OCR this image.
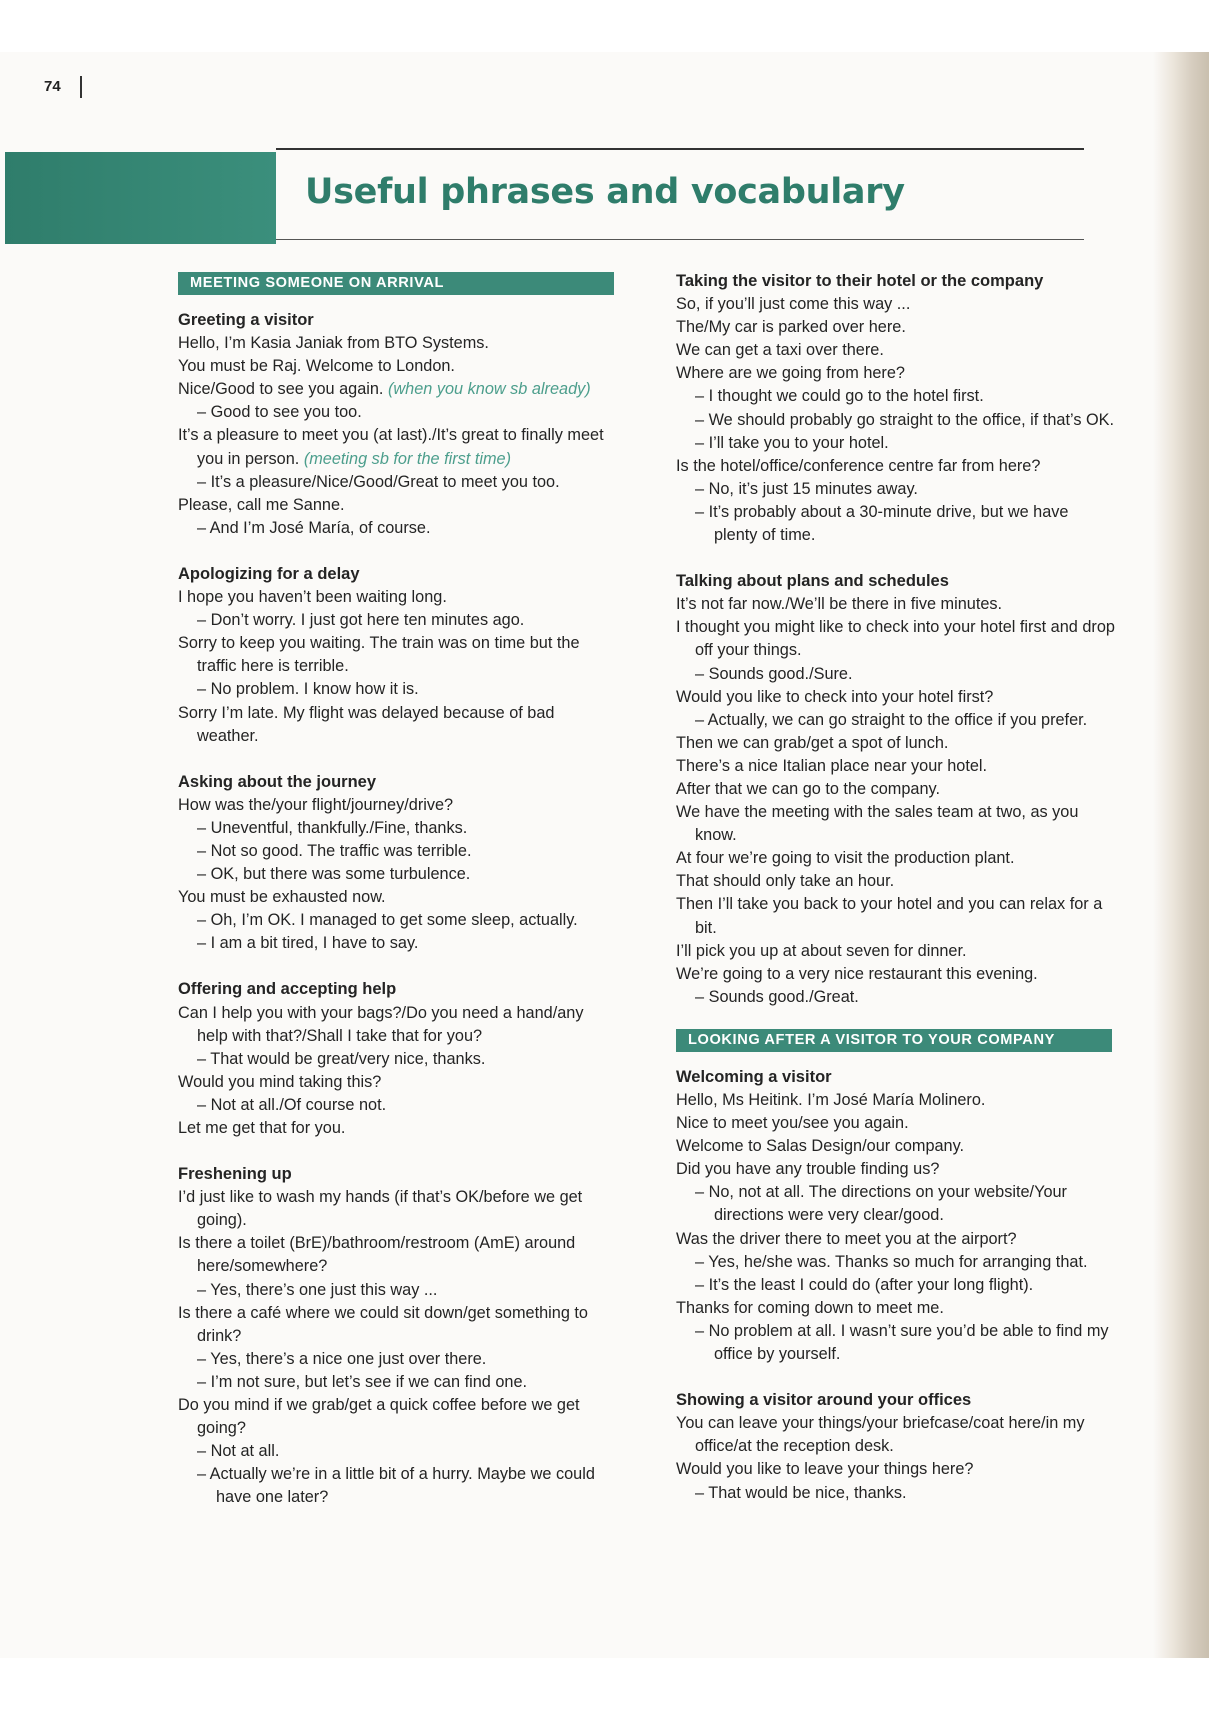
74
Useful phrases and vocabulary
MEETING SOMEONE ON ARRIVAL

Greeting a visitor

Hello, I’m Kasia Janiak from BTO Systems.

You must be Raj. Welcome to London.

Nice/Good to see you again. (when you know sb already)

– Good to see you too.

It’s a pleasure to meet you (at last)./It’s great to finally meet you in person. (meeting sb for the first time)

– It’s a pleasure/Nice/Good/Great to meet you too.

Please, call me Sanne.

– And I’m José María, of course.

Apologizing for a delay

I hope you haven’t been waiting long.

– Don’t worry. I just got here ten minutes ago.

Sorry to keep you waiting. The train was on time but the traffic here is terrible.

– No problem. I know how it is.

Sorry I’m late. My flight was delayed because of bad weather.

Asking about the journey

How was the/your flight/journey/drive?

– Uneventful, thankfully./Fine, thanks.

– Not so good. The traffic was terrible.

– OK, but there was some turbulence.

You must be exhausted now.

– Oh, I’m OK. I managed to get some sleep, actually.

– I am a bit tired, I have to say.

Offering and accepting help

Can I help you with your bags?/Do you need a hand/any help with that?/Shall I take that for you?

– That would be great/very nice, thanks.

Would you mind taking this?

– Not at all./Of course not.

Let me get that for you.

Freshening up

I’d just like to wash my hands (if that’s OK/before we get going).

Is there a toilet (BrE)/bathroom/restroom (AmE) around here/somewhere?

– Yes, there’s one just this way ...

Is there a café where we could sit down/get something to drink?

– Yes, there’s a nice one just over there.

– I’m not sure, but let’s see if we can find one.

Do you mind if we grab/get a quick coffee before we get going?

– Not at all.

– Actually we’re in a little bit of a hurry. Maybe we could have one later?

Taking the visitor to their hotel or the company

So, if you’ll just come this way ...

The/My car is parked over here.

We can get a taxi over there.

Where are we going from here?

– I thought we could go to the hotel first.

– We should probably go straight to the office, if that’s OK.

– I’ll take you to your hotel.

Is the hotel/office/conference centre far from here?

– No, it’s just 15 minutes away.

– It’s probably about a 30-minute drive, but we have plenty of time.

Talking about plans and schedules

It’s not far now./We’ll be there in five minutes.

I thought you might like to check into your hotel first and drop off your things.

– Sounds good./Sure.

Would you like to check into your hotel first?

– Actually, we can go straight to the office if you prefer.

Then we can grab/get a spot of lunch.

There’s a nice Italian place near your hotel.

After that we can go to the company.

We have the meeting with the sales team at two, as you know.

At four we’re going to visit the production plant.

That should only take an hour.

Then I’ll take you back to your hotel and you can relax for a bit.

I’ll pick you up at about seven for dinner.

We’re going to a very nice restaurant this evening.

– Sounds good./Great.

LOOKING AFTER A VISITOR TO YOUR COMPANY

Welcoming a visitor

Hello, Ms Heitink. I’m José María Molinero.

Nice to meet you/see you again.

Welcome to Salas Design/our company.

Did you have any trouble finding us?

– No, not at all. The directions on your website/Your directions were very clear/good.

Was the driver there to meet you at the airport?

– Yes, he/she was. Thanks so much for arranging that.

– It’s the least I could do (after your long flight).

Thanks for coming down to meet me.

– No problem at all. I wasn’t sure you’d be able to find my office by yourself.

Showing a visitor around your offices

You can leave your things/your briefcase/coat here/in my office/at the reception desk.

Would you like to leave your things here?

– That would be nice, thanks.
